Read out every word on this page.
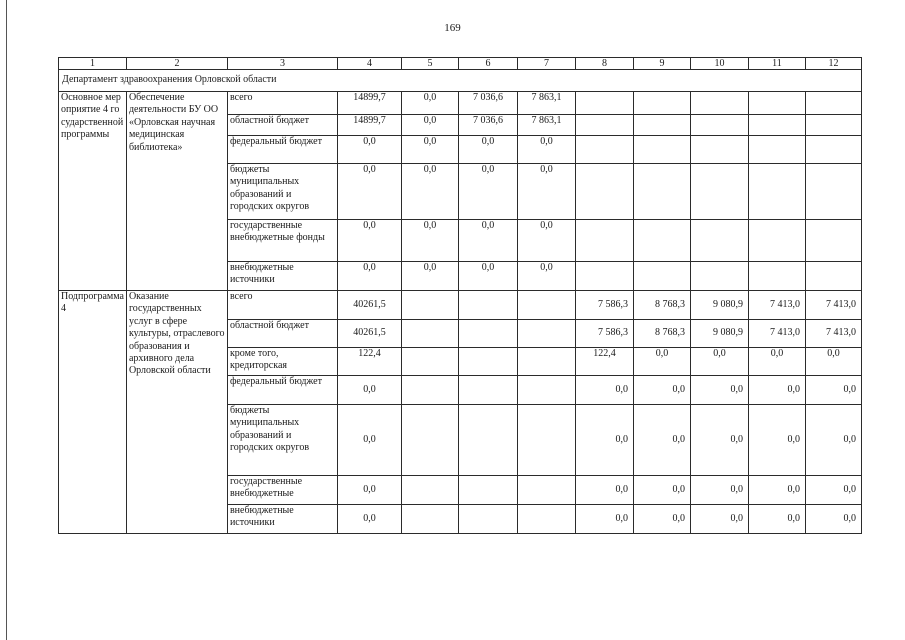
169
1	2	3	4	5	6	7	8	9	10	11	12
Департамент здравоохранения Орловской области											
Основное мероприятие 4 государственной программы	Обеспечение деятельности БУ ОО «Орловская научная медицинская библиотека»	всего	14899,7	0,0	7 036,6	7 863,1					
		областной бюджет	14899,7	0,0	7 036,6	7 863,1					
		федеральный бюджет	0,0	0,0	0,0	0,0					
		бюджеты муниципальных образований и городских округов	0,0	0,0	0,0	0,0					
		государственные внебюджетные фонды	0,0	0,0	0,0	0,0					
		внебюджетные источники	0,0	0,0	0,0	0,0					
Подпрограмма 4	Оказание государственных услуг в сфере культуры, отраслевого образования и архивного дела Орловской области	всего	40261,5				7 586,3	8 768,3	9 080,9	7 413,0	7 413,0
		областной бюджет	40261,5				7 586,3	8 768,3	9 080,9	7 413,0	7 413,0
		кроме того, кредиторская	122,4				122,4	0,0	0,0	0,0	0,0
		федеральный бюджет	0,0				0,0	0,0	0,0	0,0	0,0
		бюджеты муниципальных образований и городских округов	0,0				0,0	0,0	0,0	0,0	0,0
		государственные внебюджетные	0,0				0,0	0,0	0,0	0,0	0,0
		внебюджетные источники	0,0				0,0	0,0	0,0	0,0	0,0
